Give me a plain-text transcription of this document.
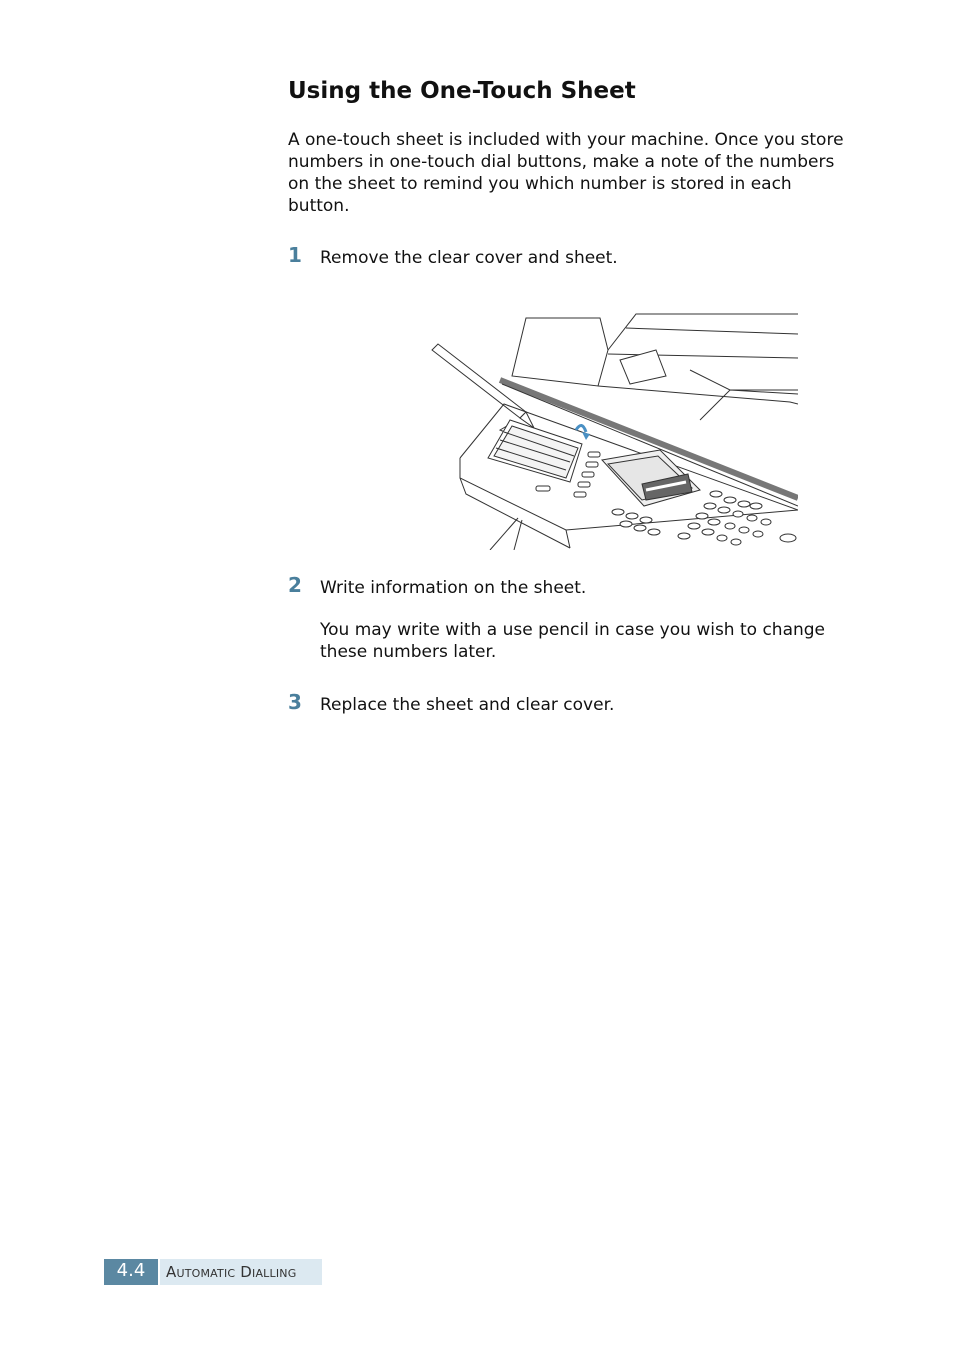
Using the One-Touch Sheet

A one-touch sheet is included with your machine. Once you store numbers in one-touch dial buttons, make a note of the numbers on the sheet to remind you which number is stored in each button.

1 Remove the clear cover and sheet.

2 Write information on the sheet.

You may write with a use pencil in case you wish to change these numbers later.

3 Replace the sheet and clear cover.

4.4	Automatic Dialling
